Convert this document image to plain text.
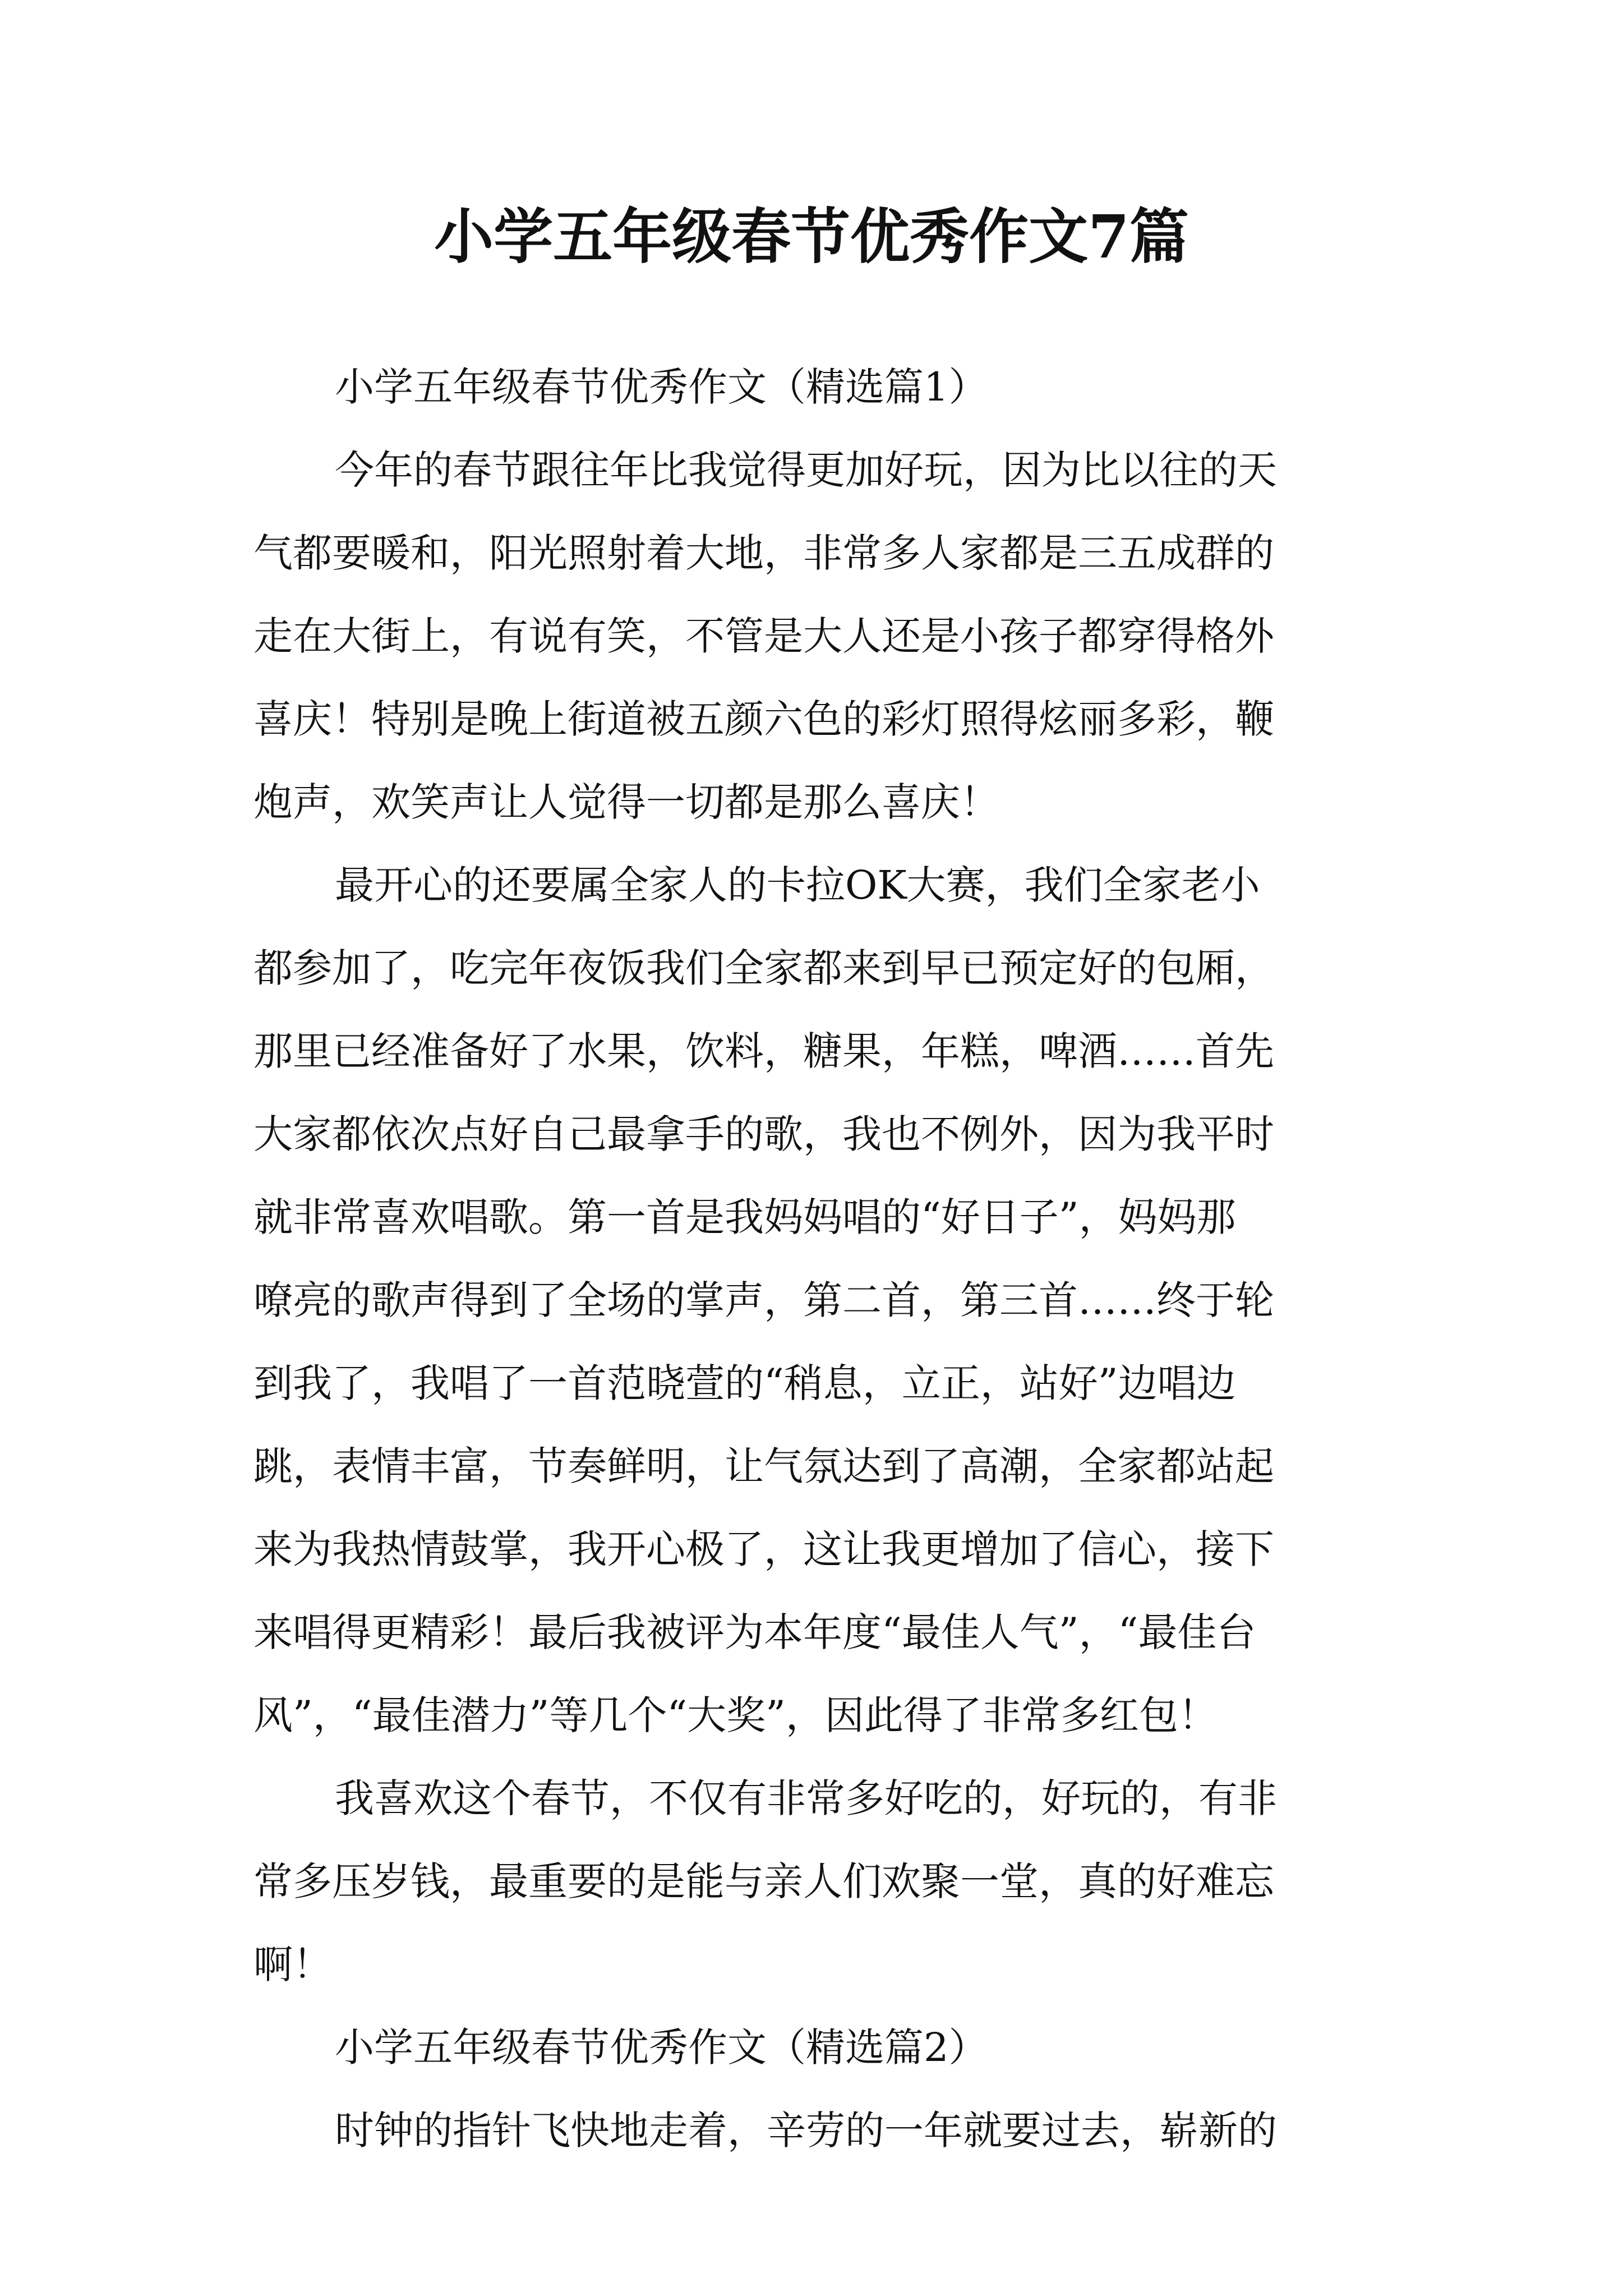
小学五年级春节优秀作文7篇
小学五年级春节优秀作文（精选篇1）
今年的春节跟往年比我觉得更加好玩，因为比以往的天
气都要暖和，阳光照射着大地，非常多人家都是三五成群的
走在大街上，有说有笑，不管是大人还是小孩子都穿得格外
喜庆！特别是晚上街道被五颜六色的彩灯照得炫丽多彩，鞭
炮声，欢笑声让人觉得一切都是那么喜庆！
最开心的还要属全家人的卡拉OK大赛，我们全家老小
都参加了，吃完年夜饭我们全家都来到早已预定好的包厢，
那里已经准备好了水果，饮料，糖果，年糕，啤酒……首先
大家都依次点好自己最拿手的歌，我也不例外，因为我平时
就非常喜欢唱歌。第一首是我妈妈唱的“好日子”，妈妈那
嘹亮的歌声得到了全场的掌声，第二首，第三首……终于轮
到我了，我唱了一首范晓萱的“稍息，立正，站好”边唱边
跳，表情丰富，节奏鲜明，让气氛达到了高潮，全家都站起
来为我热情鼓掌，我开心极了，这让我更增加了信心，接下
来唱得更精彩！最后我被评为本年度“最佳人气”，“最佳台
风”，“最佳潜力”等几个“大奖”，因此得了非常多红包！
我喜欢这个春节，不仅有非常多好吃的，好玩的，有非
常多压岁钱，最重要的是能与亲人们欢聚一堂，真的好难忘
啊！
小学五年级春节优秀作文（精选篇2）
时钟的指针飞快地走着，辛劳的一年就要过去，崭新的
